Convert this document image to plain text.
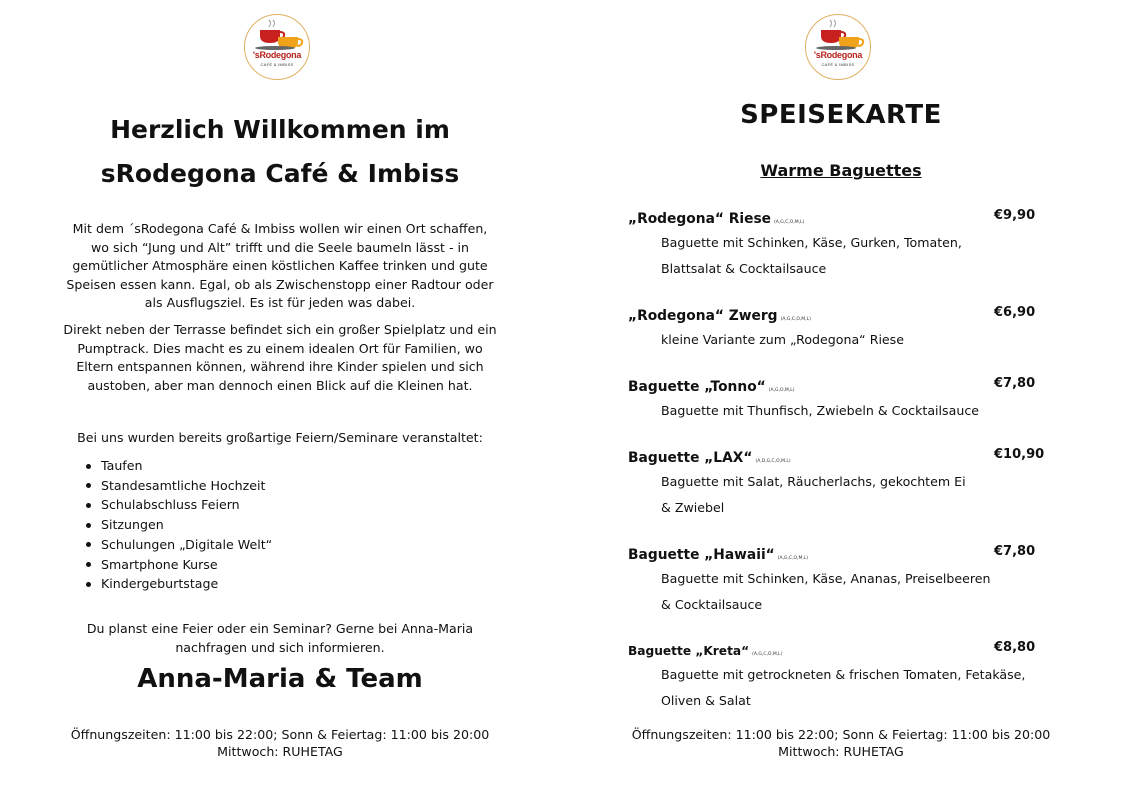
'sRodegona
CAFÉ & IMBISS
Herzlich Willkommen im
sRodegona Café & Imbiss
Mit dem ´sRodegona Café & Imbiss wollen wir einen Ort schaffen, wo sich “Jung und Alt” trifft und die Seele baumeln lässt - in gemütlicher Atmosphäre einen köstlichen Kaffee trinken und gute Speisen essen kann. Egal, ob als Zwischenstopp einer Radtour oder als Ausflugsziel. Es ist für jeden was dabei.
Direkt neben der Terrasse befindet sich ein großer Spielplatz und ein Pumptrack. Dies macht es zu einem idealen Ort für Familien, wo Eltern entspannen können, während ihre Kinder spielen und sich austoben, aber man dennoch einen Blick auf die Kleinen hat.
Bei uns wurden bereits großartige Feiern/Seminare veranstaltet:
Taufen
Standesamtliche Hochzeit
Schulabschluss Feiern
Sitzungen
Schulungen „Digitale Welt“
Smartphone Kurse
Kindergeburtstage
Du planst eine Feier oder ein Seminar? Gerne bei Anna-Maria nachfragen und sich informieren.
Anna-Maria & Team
Öffnungszeiten: 11:00 bis 22:00; Sonn & Feiertag: 11:00 bis 20:00
Mittwoch: RUHETAG
'sRodegona
CAFÉ & IMBISS
SPEISEKARTE
Warme Baguettes
„Rodegona“ Riese (A,G,C,O,M,L)	€9,90
Baguette mit Schinken, Käse, Gurken, Tomaten,
Blattsalat & Cocktailsauce
„Rodegona“ Zwerg (A,G,C,O,M,L)	€6,90
kleine Variante zum „Rodegona“ Riese
Baguette „Tonno“ (A,G,O,M,L)	€7,80
Baguette mit Thunfisch, Zwiebeln & Cocktailsauce
Baguette „LAX“ (A,D,G,C,O,M,L)	€10,90
Baguette mit Salat, Räucherlachs, gekochtem Ei
& Zwiebel
Baguette „Hawaii“ (A,G,C,O,M,L)	€7,80
Baguette mit Schinken, Käse, Ananas, Preiselbeeren
& Cocktailsauce
Baguette „Kreta“ (A,G,C,O,M,L)	€8,80
Baguette mit getrockneten & frischen Tomaten, Fetakäse,
Oliven & Salat
Öffnungszeiten: 11:00 bis 22:00; Sonn & Feiertag: 11:00 bis 20:00
Mittwoch: RUHETAG
